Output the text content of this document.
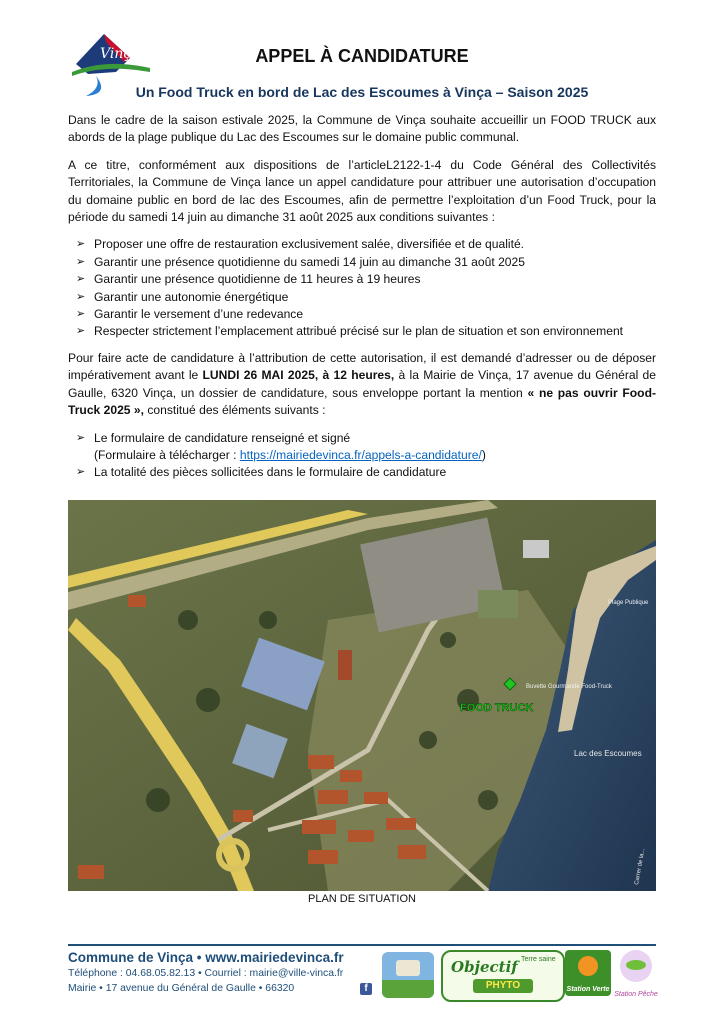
Vinça	APPEL À CANDIDATURE
Un Food Truck en bord de Lac des Escoumes à Vinça – Saison 2025

Dans le cadre de la saison estivale 2025, la Commune de Vinça souhaite accueillir un FOOD TRUCK aux abords de la plage publique du Lac des Escoumes sur le domaine public communal.

A ce titre, conformément aux dispositions de l’articleL2122-1-4 du Code Général des Collectivités Territoriales, la Commune de Vinça lance un appel candidature pour attribuer une autorisation d’occupation du domaine public en bord de lac des Escoumes, afin de permettre l’exploitation d’un Food Truck, pour la période du samedi 14 juin au dimanche 31 août 2025 aux conditions suivantes :

➢ Proposer une offre de restauration exclusivement salée, diversifiée et de qualité.
➢ Garantir une présence quotidienne du samedi 14 juin au dimanche 31 août 2025
➢ Garantir une présence quotidienne de 11 heures à 19 heures
➢ Garantir une autonomie énergétique
➢ Garantir le versement d’une redevance
➢ Respecter strictement l’emplacement attribué précisé sur le plan de situation et son environnement

Pour faire acte de candidature à l’attribution de cette autorisation, il est demandé d’adresser ou de déposer impérativement avant le LUNDI 26 MAI 2025, à 12 heures, à la Mairie de Vinça, 17 avenue du Général de Gaulle, 6320 Vinça, un dossier de candidature, sous enveloppe portant la mention « ne pas ouvrir Food-Truck 2025 », constitué des éléments suivants :

➢ Le formulaire de candidature renseigné et signé
(Formulaire à télécharger : https://mairiedevinca.fr/appels-a-candidature/)
➢ La totalité des pièces sollicitées dans le formulaire de candidature
FOOD TRUCK
Buvette Gourmande Food-Truck
Plage Publique
Lac des Escoumes
Carrer de la...

PLAN DE SITUATION

Commune de Vinça • www.mairiedevinca.fr
Téléphone : 04.68.05.82.13 • Courriel : mairie@ville-vinca.fr
Mairie • 17 avenue du Général de Gaulle • 66320	f
Objectif Terre saine
PHYTO	Station Verte
Station Pêche
